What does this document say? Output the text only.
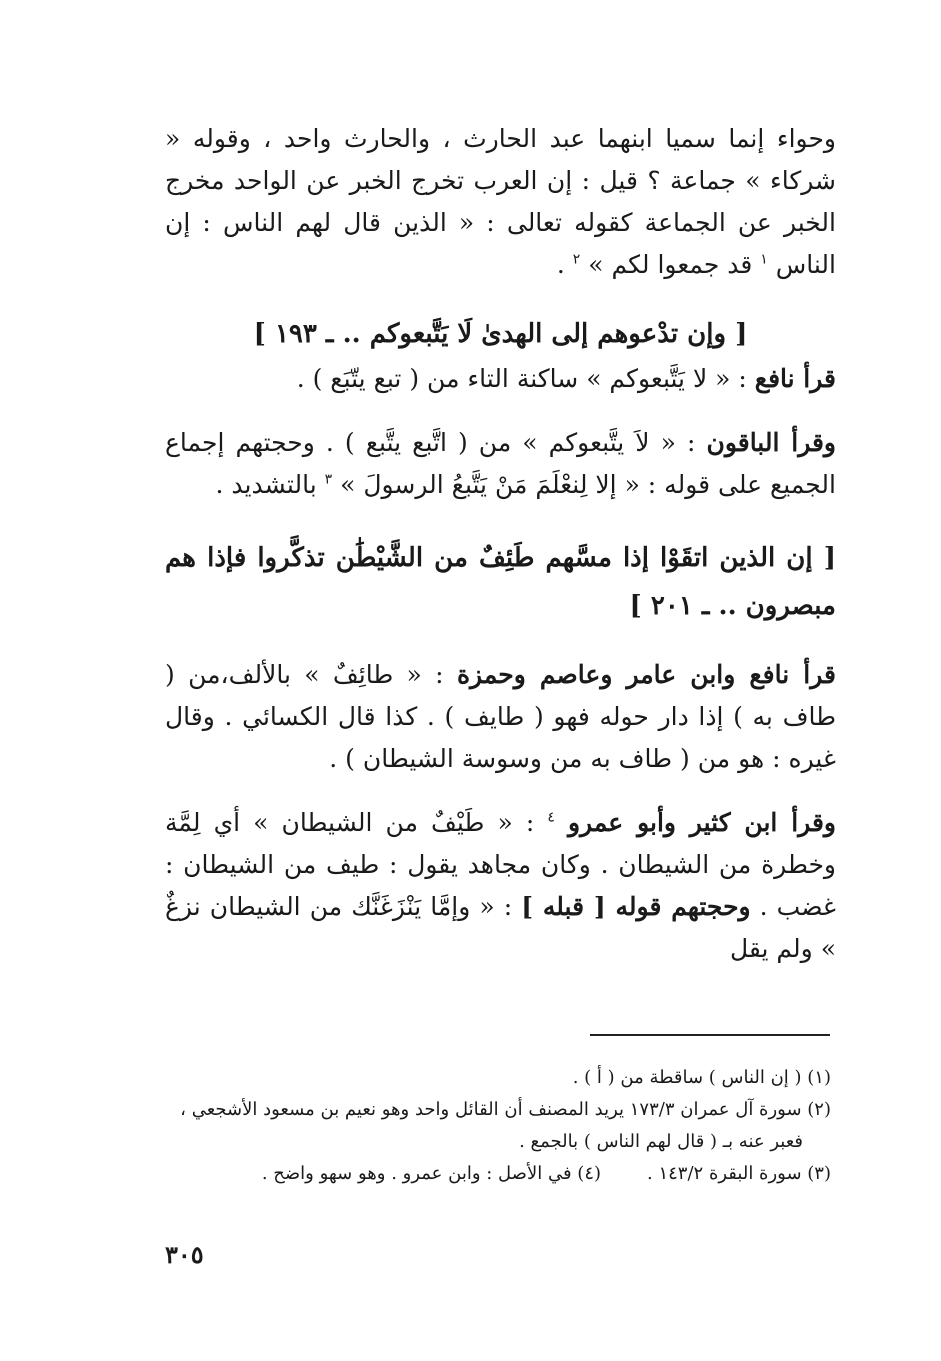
وحواء إنما سميا ابنهما عبد الحارث ، والحارث واحد ، وقوله « شركاء » جماعة ؟ قيل : إن العرب تخرج الخبر عن الواحد مخرج الخبر عن الجماعة كقوله تعالى : « الذين قال لهم الناس : إن الناس $^١$ قد جمعوا لكم » $^٢$ .

[ وإن تدْعوهم إلى الهدىٰ لَا يَتَّبعوكم .. ـ ١٩٣ ]

قرأ نافع : « لا يَتَّبعوكم » ساكنة التاء من ( تبع يتّبَع ) .

وقرأ الباقون : « لاَ يتَّبعوكم » من ( اتَّبع يتَّبع ) . وحجتهم إجماع الجميع على قوله : « إلا لِنعْلَمَ مَنْ يَتَّبعُ الرسولَ » $^٣$ بالتشديد .

[ إن الذين اتقَوْا إذا مسَّهم طَئِفٌ من الشَّيْطَٰن تذكَّروا فإذا هم مبصرون .. ـ ٢٠١ ]

قرأ نافع وابن عامر وعاصم وحمزة : « طائِفٌ » بالألف،من ( طاف به ) إذا دار حوله فهو ( طايف ) . كذا قال الكسائي . وقال غيره : هو من ( طاف به من وسوسة الشيطان ) .

وقرأ ابن كثير وأبو عمرو $^٤$ : « طَيْفٌ من الشيطان » أي لِمَّة وخطرة من الشيطان . وكان مجاهد يقول : طيف من الشيطان : غضب . وحجتهم قوله [ قبله ] : « وإمَّا يَنْزَغَنَّك من الشيطان نزغٌ » ولم يقل

(١) ( إن الناس ) ساقطة من ( أ ) .

(٢) سورة آل عمران ١٧٣/٣ يريد المصنف أن القائل واحد وهو نعيم بن مسعود الأشجعي ،

فعبر عنه بـ ( قال لهم الناس ) بالجمع .

(٣) سورة البقرة ١٤٣/٢ .
(٤) في الأصل : وابن عمرو . وهو سهو واضح .
٣٠٥
